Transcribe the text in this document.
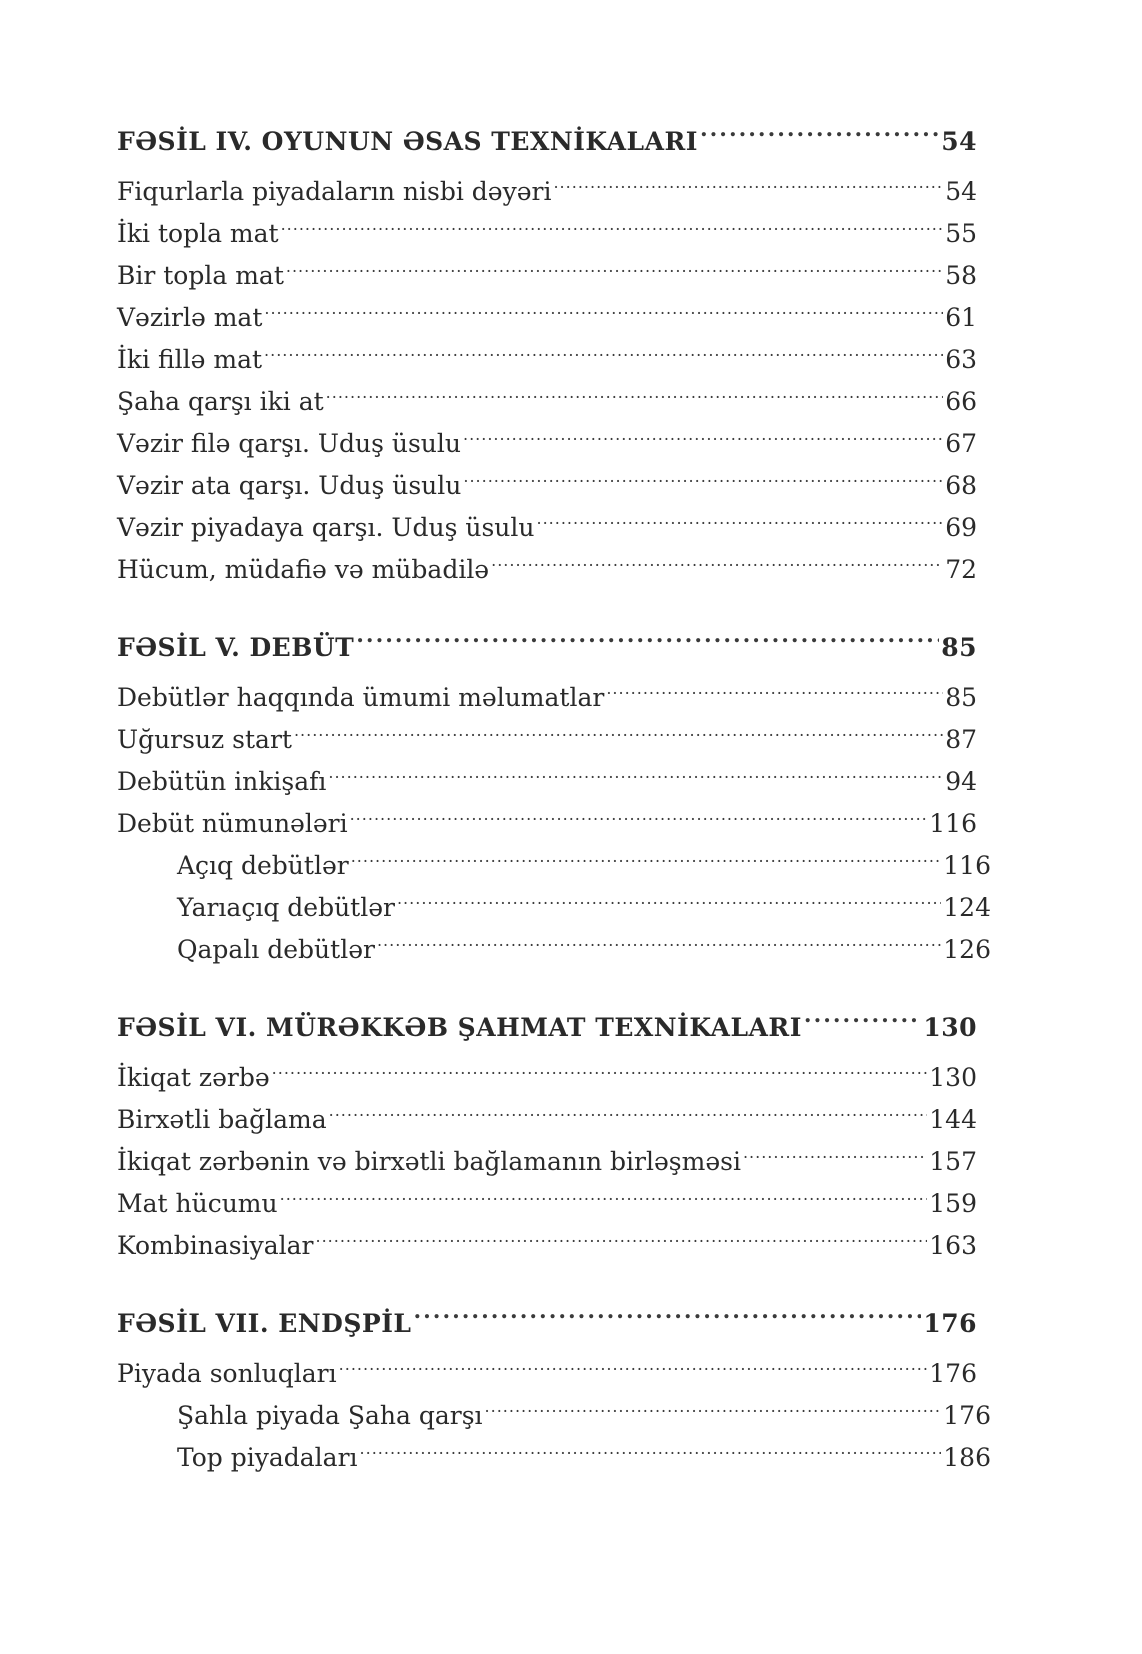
FƏSİL IV. OYUNUN ƏSAS TEXNİKALARI .....	54
Fiqurlarla piyadaların nisbi dəyəri .....	54
İki topla mat .....	55
Bir topla mat .....	58
Vəzirlə mat .....	61
İki fillə mat .....	63
Şaha qarşı iki at .....	66
Vəzir filə qarşı. Uduş üsulu .....	67
Vəzir ata qarşı. Uduş üsulu .....	68
Vəzir piyadaya qarşı. Uduş üsulu .....	69
Hücum, müdafiə və mübadilə .....	72
FƏSİL V. DEBÜT .....	85
Debütlər haqqında ümumi məlumatlar .....	85
Uğursuz start .....	87
Debütün inkişafı .....	94
Debüt nümunələri .....	116
Açıq debütlər .....	116
Yarıaçıq debütlər .....	124
Qapalı debütlər .....	126
FƏSİL VI. MÜRƏKKƏB ŞAHMAT TEXNİKALARI .....	130
İkiqat zərbə .....	130
Birxətli bağlama .....	144
İkiqat zərbənin və birxətli bağlamanın birləşməsi .....	157
Mat hücumu .....	159
Kombinasiyalar .....	163
FƏSİL VII. ENDŞPİL .....	176
Piyada sonluqları .....	176
Şahla piyada Şaha qarşı .....	176
Top piyadaları .....	186
